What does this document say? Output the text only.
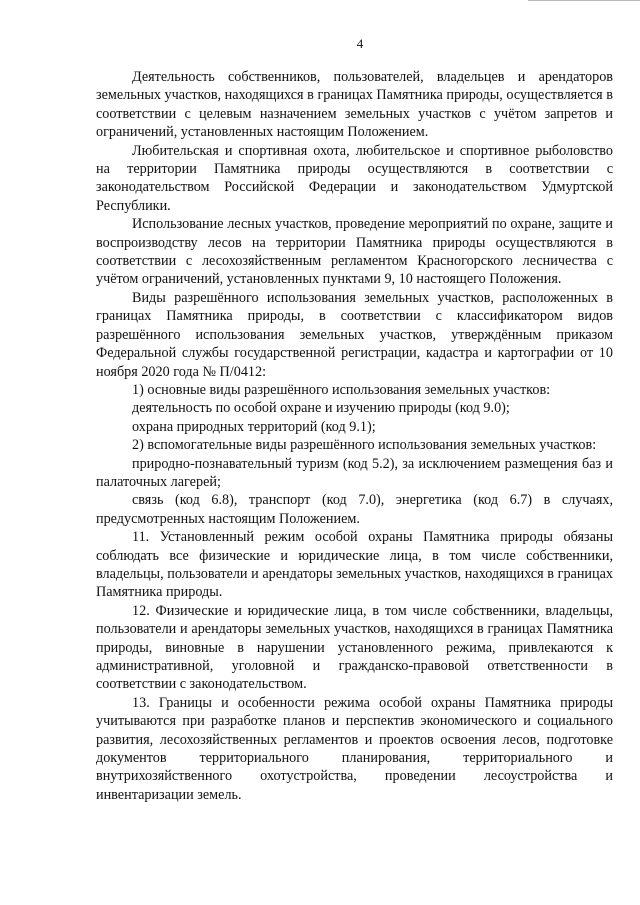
4

Деятельность собственников, пользователей, владельцев и арендаторов земельных участков, находящихся в границах Памятника природы, осуществляется в соответствии с целевым назначением земельных участков с учётом запретов и ограничений, установленных настоящим Положением.

Любительская и спортивная охота, любительское и спортивное рыболовство на территории Памятника природы осуществляются в соответствии с законодательством Российской Федерации и законодательством Удмуртской Республики.

Использование лесных участков, проведение мероприятий по охране, защите и воспроизводству лесов на территории Памятника природы осуществляются в соответствии с лесохозяйственным регламентом Красногорского лесничества с учётом ограничений, установленных пунктами 9, 10 настоящего Положения.

Виды разрешённого использования земельных участков, расположенных в границах Памятника природы, в соответствии с классификатором видов разрешённого использования земельных участков, утверждённым приказом Федеральной службы государственной регистрации, кадастра и картографии от 10 ноября 2020 года № П/0412:

1) основные виды разрешённого использования земельных участков:

деятельность по особой охране и изучению природы (код 9.0);

охрана природных территорий (код 9.1);

2) вспомогательные виды разрешённого использования земельных участков:

природно-познавательный туризм (код 5.2), за исключением размещения баз и палаточных лагерей;

связь (код 6.8), транспорт (код 7.0), энергетика (код 6.7) в случаях, предусмотренных настоящим Положением.

11. Установленный режим особой охраны Памятника природы обязаны соблюдать все физические и юридические лица, в том числе собственники, владельцы, пользователи и арендаторы земельных участков, находящихся в границах Памятника природы.

12. Физические и юридические лица, в том числе собственники, владельцы, пользователи и арендаторы земельных участков, находящихся в границах Памятника природы, виновные в нарушении установленного режима, привлекаются к административной, уголовной и гражданско-правовой ответственности в соответствии с законодательством.

13. Границы и особенности режима особой охраны Памятника природы учитываются при разработке планов и перспектив экономического и социального развития, лесохозяйственных регламентов и проектов освоения лесов, подготовке документов территориального планирования, территориального и внутрихозяйственного охотустройства, проведении лесоустройства и инвентаризации земель.
